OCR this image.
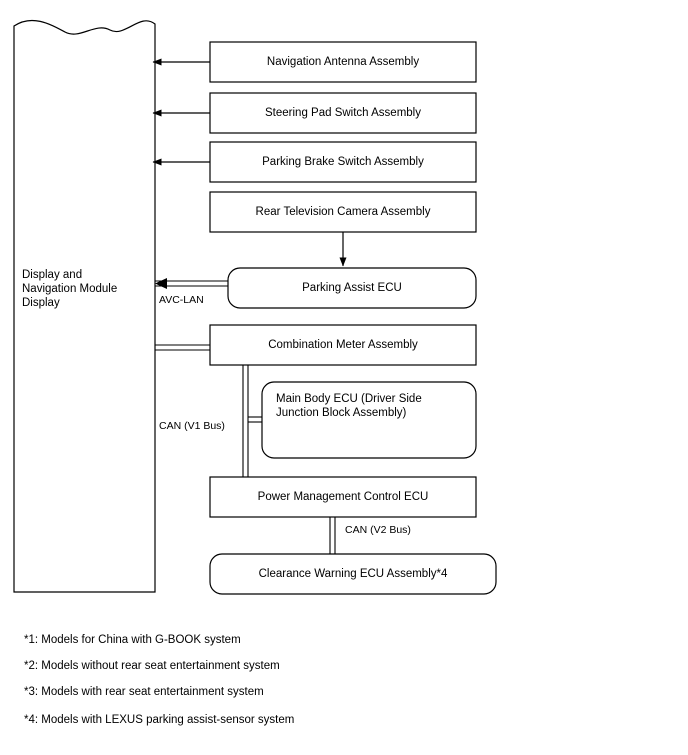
Display and
Navigation Module
Display
Navigation Antenna Assembly
Steering Pad Switch Assembly
Parking Brake Switch Assembly
Rear Television Camera Assembly
Parking Assist ECU
Combination Meter Assembly
Main Body ECU (Driver Side
Junction Block Assembly)
Power Management Control ECU
Clearance Warning ECU Assembly*4
AVC-LAN
CAN (V1 Bus)
CAN (V2 Bus)
*1: Models for China with G-BOOK system
*2: Models without rear seat entertainment system
*3: Models with rear seat entertainment system
*4: Models with LEXUS parking assist-sensor system
